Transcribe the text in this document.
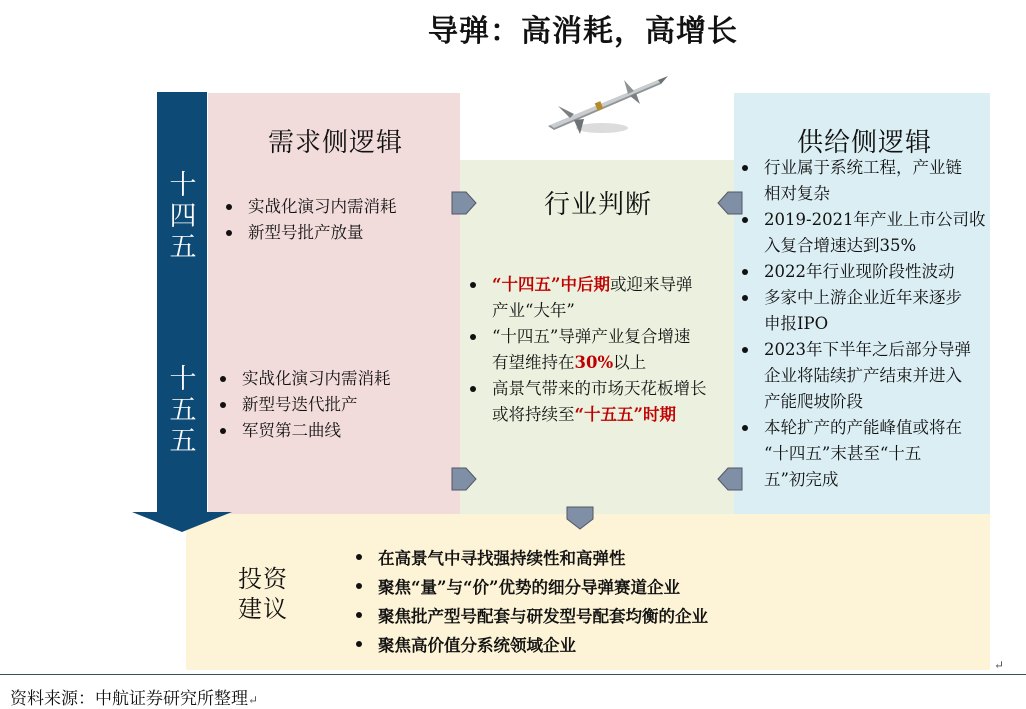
导弹：高消耗，高增长
十
四
五
十
五
五
需求侧逻辑
实战化演习内需消耗
新型号批产放量
实战化演习内需消耗
新型号迭代批产
军贸第二曲线
行业判断
“十四五”中后期或迎来导弹
产业“大年”
“十四五”导弹产业复合增速
有望维持在30%以上
高景气带来的市场天花板增长
或将持续至“十五五”时期
供给侧逻辑
行业属于系统工程，产业链
相对复杂
2019-2021年产业上市公司收
入复合增速达到35%
2022年行业现阶段性波动
多家中上游企业近年来逐步
申报IPO
2023年下半年之后部分导弹
企业将陆续扩产结束并进入
产能爬坡阶段
本轮扩产的产能峰值或将在
“十四五”末甚至“十五
五”初完成
投资
建议
在高景气中寻找强持续性和高弹性
聚焦“量”与“价”优势的细分导弹赛道企业
聚焦批产型号配套与研发型号配套均衡的企业
聚焦高价值分系统领域企业
↵
资料来源：中航证券研究所整理↵
